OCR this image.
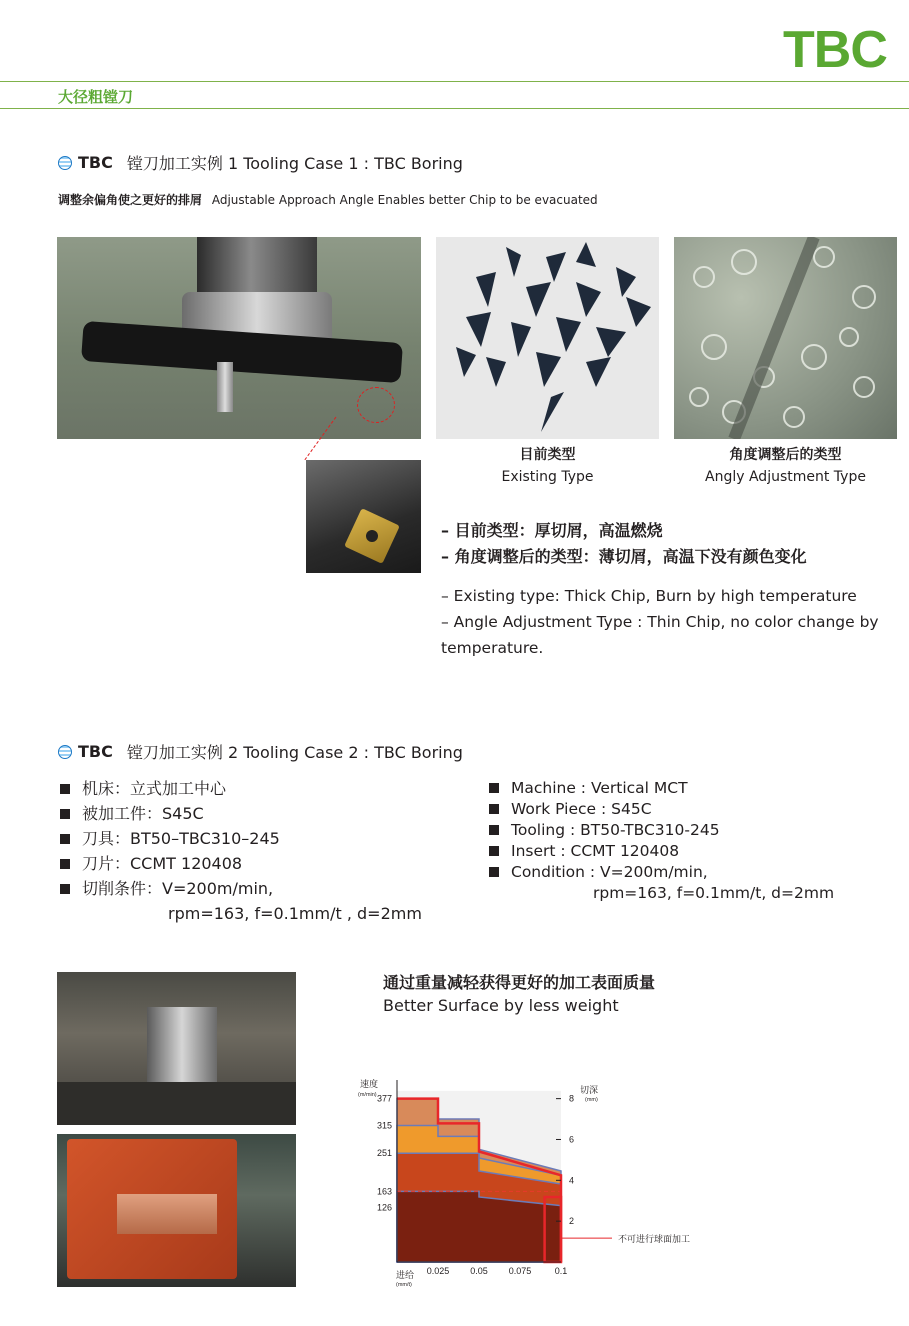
TBC
大径粗镗刀
TBC 镗刀加工实例 1 Tooling Case 1 : TBC Boring
调整余偏角使之更好的排屑 Adjustable Approach Angle Enables better Chip to be evacuated
目前类型
Existing Type
角度调整后的类型
Angly Adjustment Type
– 目前类型：厚切屑，高温燃烧
– 角度调整后的类型：薄切屑，高温下没有颜色变化
– Existing type: Thick Chip, Burn by high temperature
– Angle Adjustment Type : Thin Chip, no color change by
temperature.
TBC 镗刀加工实例 2 Tooling Case 2 : TBC Boring
机床：立式加工中心
被加工件：S45C
刀具：BT50–TBC310–245
刀片：CCMT 120408
切削条件：V=200m/min,
rpm=163, f=0.1mm/t , d=2mm
Machine : Vertical MCT
Work Piece : S45C
Tooling : BT50-TBC310-245
Insert : CCMT 120408
Condition : V=200m/min,
rpm=163, f=0.1mm/t, d=2mm
通过重量减轻获得更好的加工表面质量
Better Surface by less weight
速度
(m/min)	切深
(mm)
进给
(mm/t)
不可进行球面加工
377
315
251
163
126
8
6
4
2
0.025 0.05 0.075	0.1
